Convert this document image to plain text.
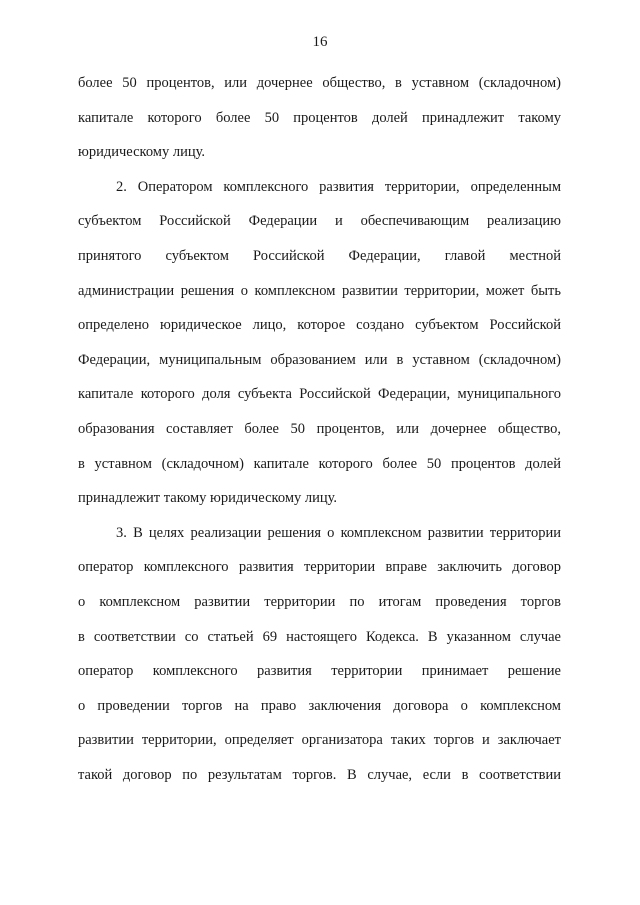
16
более 50 процентов, или дочернее общество, в уставном (складочном)
капитале которого более 50 процентов долей принадлежит такому
юридическому лицу.
2. Оператором комплексного развития территории, определенным
субъектом Российской Федерации и обеспечивающим реализацию
принятого субъектом Российской Федерации, главой местной
администрации решения о комплексном развитии территории, может быть
определено юридическое лицо, которое создано субъектом Российской
Федерации, муниципальным образованием или в уставном (складочном)
капитале которого доля субъекта Российской Федерации, муниципального
образования составляет более 50 процентов, или дочернее общество,
в уставном (складочном) капитале которого более 50 процентов долей
принадлежит такому юридическому лицу.
3. В целях реализации решения о комплексном развитии территории
оператор комплексного развития территории вправе заключить договор
о комплексном развитии территории по итогам проведения торгов
в соответствии со статьей 69 настоящего Кодекса. В указанном случае
оператор комплексного развития территории принимает решение
о проведении торгов на право заключения договора о комплексном
развитии территории, определяет организатора таких торгов и заключает
такой договор по результатам торгов. В случае, если в соответствии
